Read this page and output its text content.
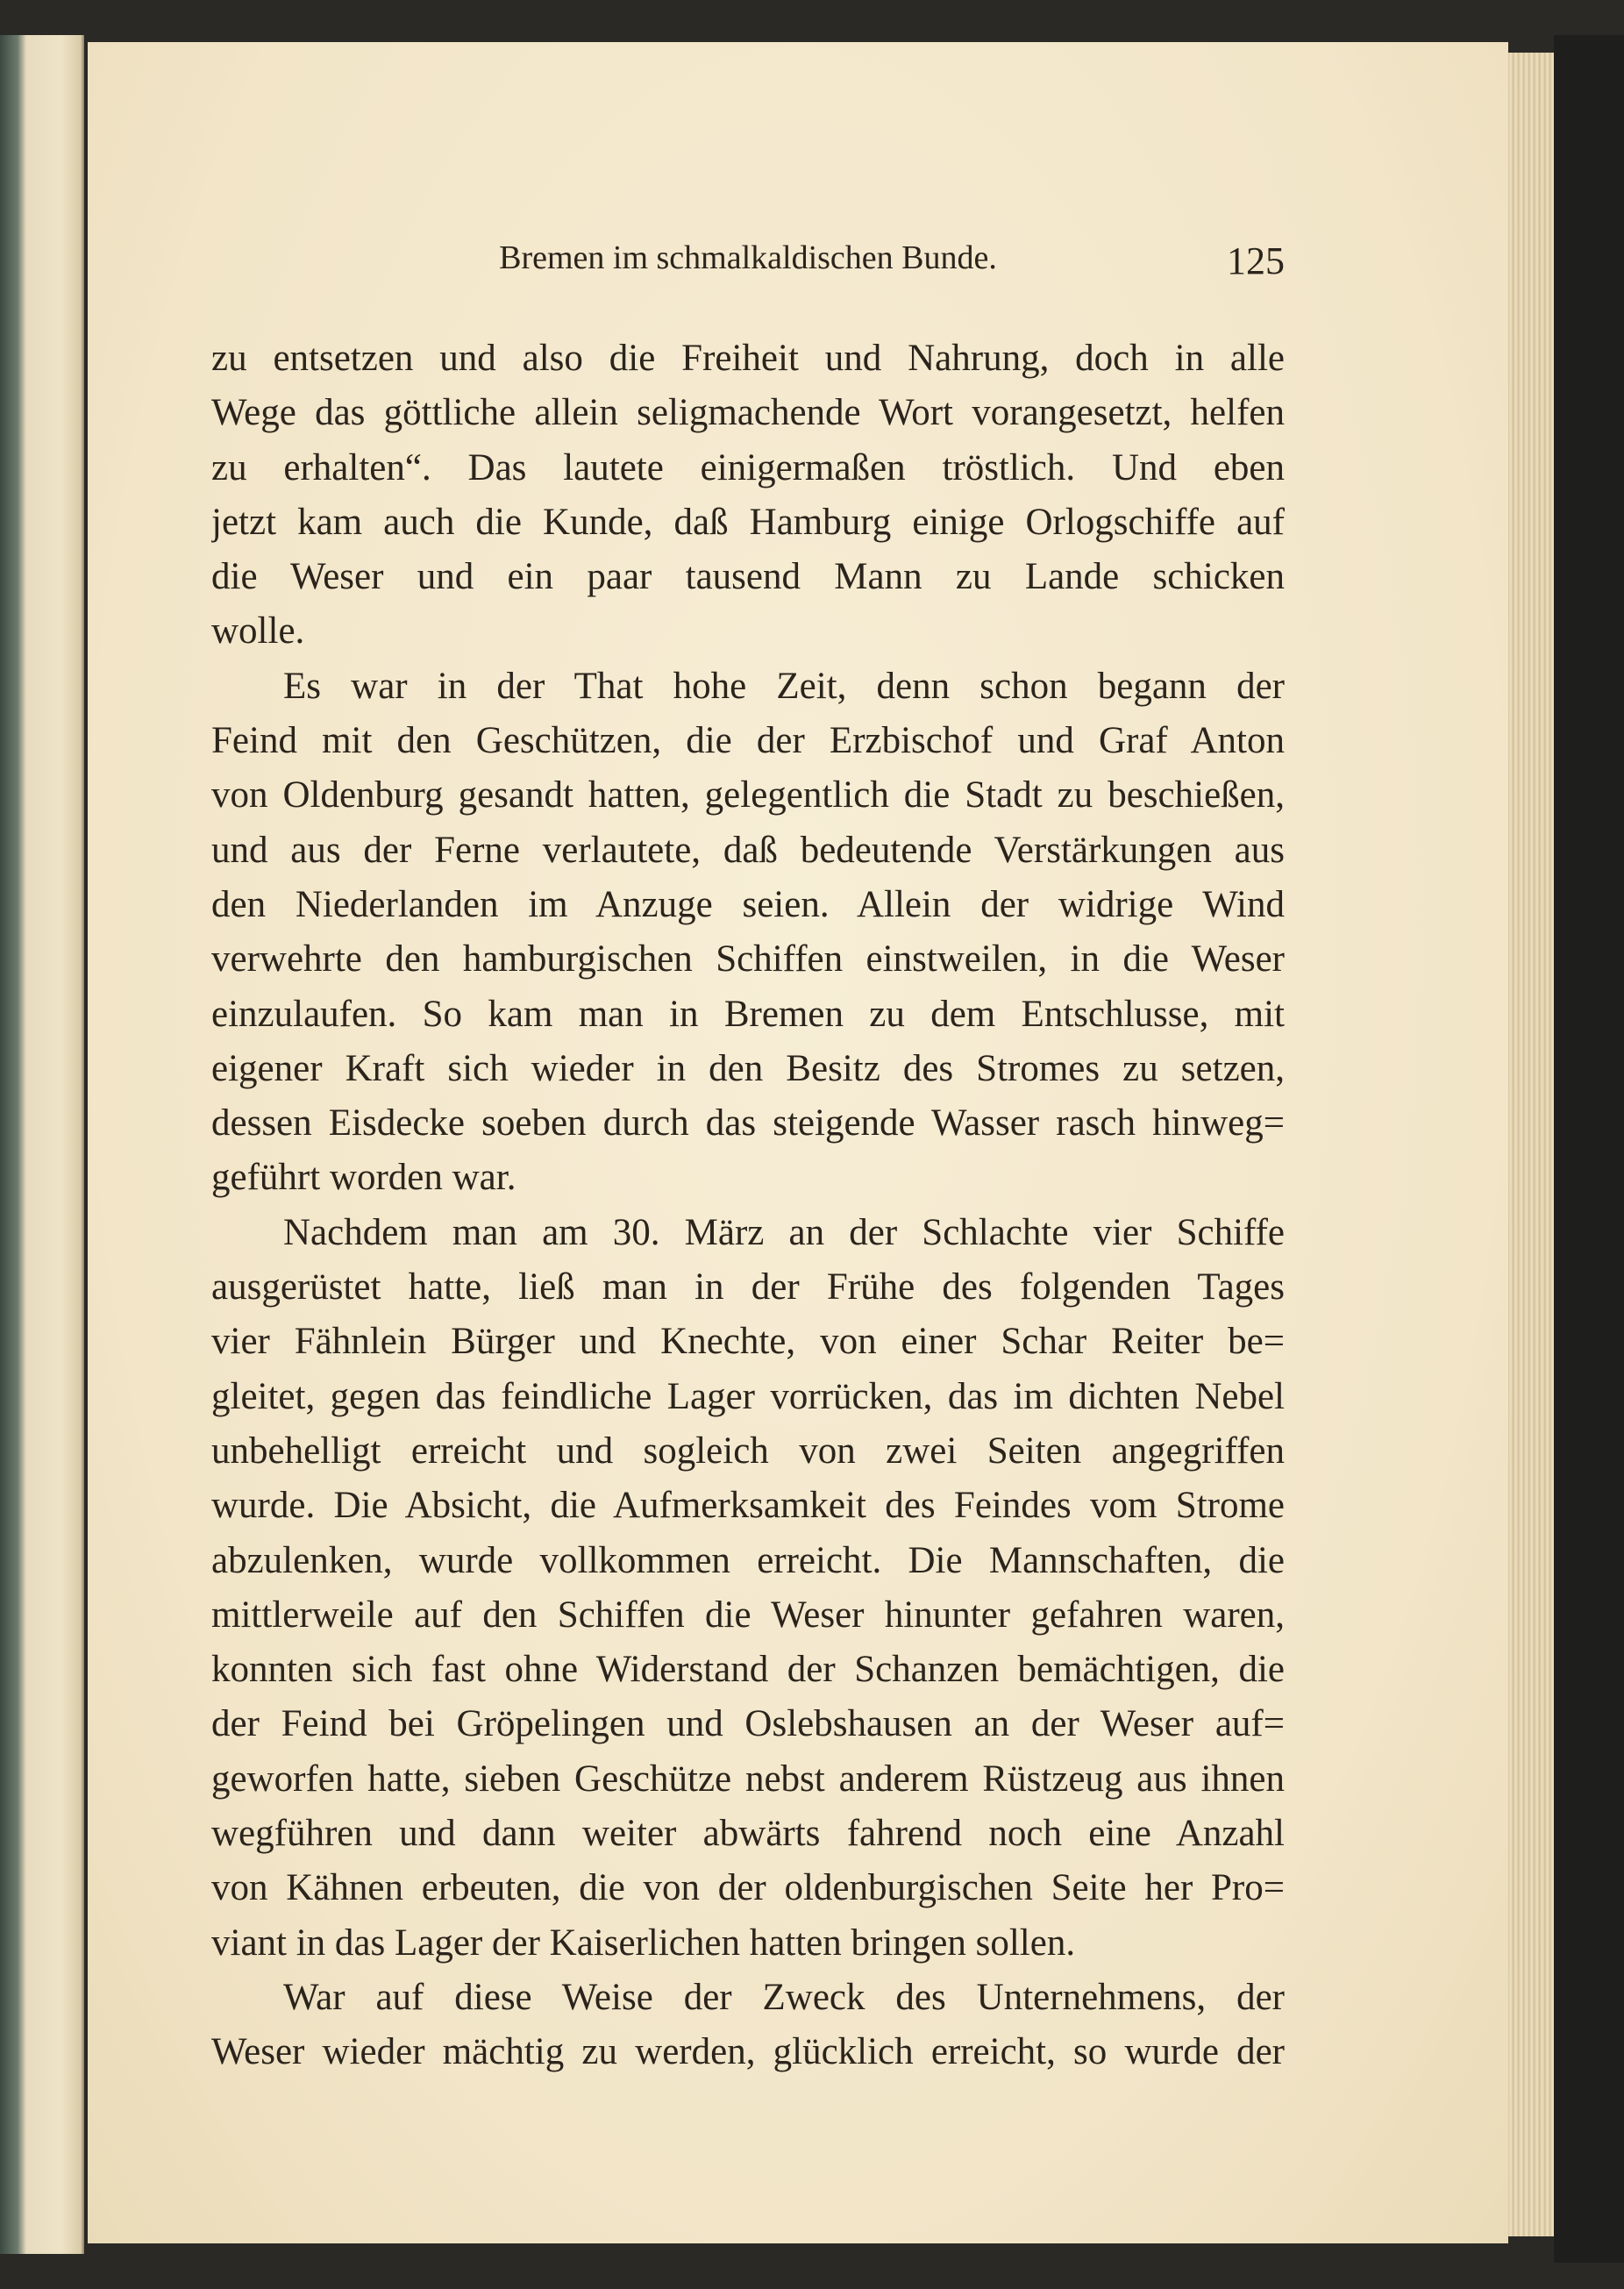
Bremen im schmalkaldischen Bunde.	125
zu entsetzen und also die Freiheit und Nahrung, doch in alle
Wege das göttliche allein seligmachende Wort vorangesetzt, helfen
zu erhalten“. Das lautete einigermaßen tröstlich. Und eben
jetzt kam auch die Kunde, daß Hamburg einige Orlogschiffe auf
die Weser und ein paar tausend Mann zu Lande schicken
wolle.
Es war in der That hohe Zeit, denn schon begann der
Feind mit den Geschützen, die der Erzbischof und Graf Anton
von Oldenburg gesandt hatten, gelegentlich die Stadt zu beschießen,
und aus der Ferne verlautete, daß bedeutende Verstärkungen aus
den Niederlanden im Anzuge seien. Allein der widrige Wind
verwehrte den hamburgischen Schiffen einstweilen, in die Weser
einzulaufen. So kam man in Bremen zu dem Entschlusse, mit
eigener Kraft sich wieder in den Besitz des Stromes zu setzen,
dessen Eisdecke soeben durch das steigende Wasser rasch hinweg=
geführt worden war.
Nachdem man am 30. März an der Schlachte vier Schiffe
ausgerüstet hatte, ließ man in der Frühe des folgenden Tages
vier Fähnlein Bürger und Knechte, von einer Schar Reiter be=
gleitet, gegen das feindliche Lager vorrücken, das im dichten Nebel
unbehelligt erreicht und sogleich von zwei Seiten angegriffen
wurde. Die Absicht, die Aufmerksamkeit des Feindes vom Strome
abzulenken, wurde vollkommen erreicht. Die Mannschaften, die
mittlerweile auf den Schiffen die Weser hinunter gefahren waren,
konnten sich fast ohne Widerstand der Schanzen bemächtigen, die
der Feind bei Gröpelingen und Oslebshausen an der Weser auf=
geworfen hatte, sieben Geschütze nebst anderem Rüstzeug aus ihnen
wegführen und dann weiter abwärts fahrend noch eine Anzahl
von Kähnen erbeuten, die von der oldenburgischen Seite her Pro=
viant in das Lager der Kaiserlichen hatten bringen sollen.
War auf diese Weise der Zweck des Unternehmens, der
Weser wieder mächtig zu werden, glücklich erreicht, so wurde der
